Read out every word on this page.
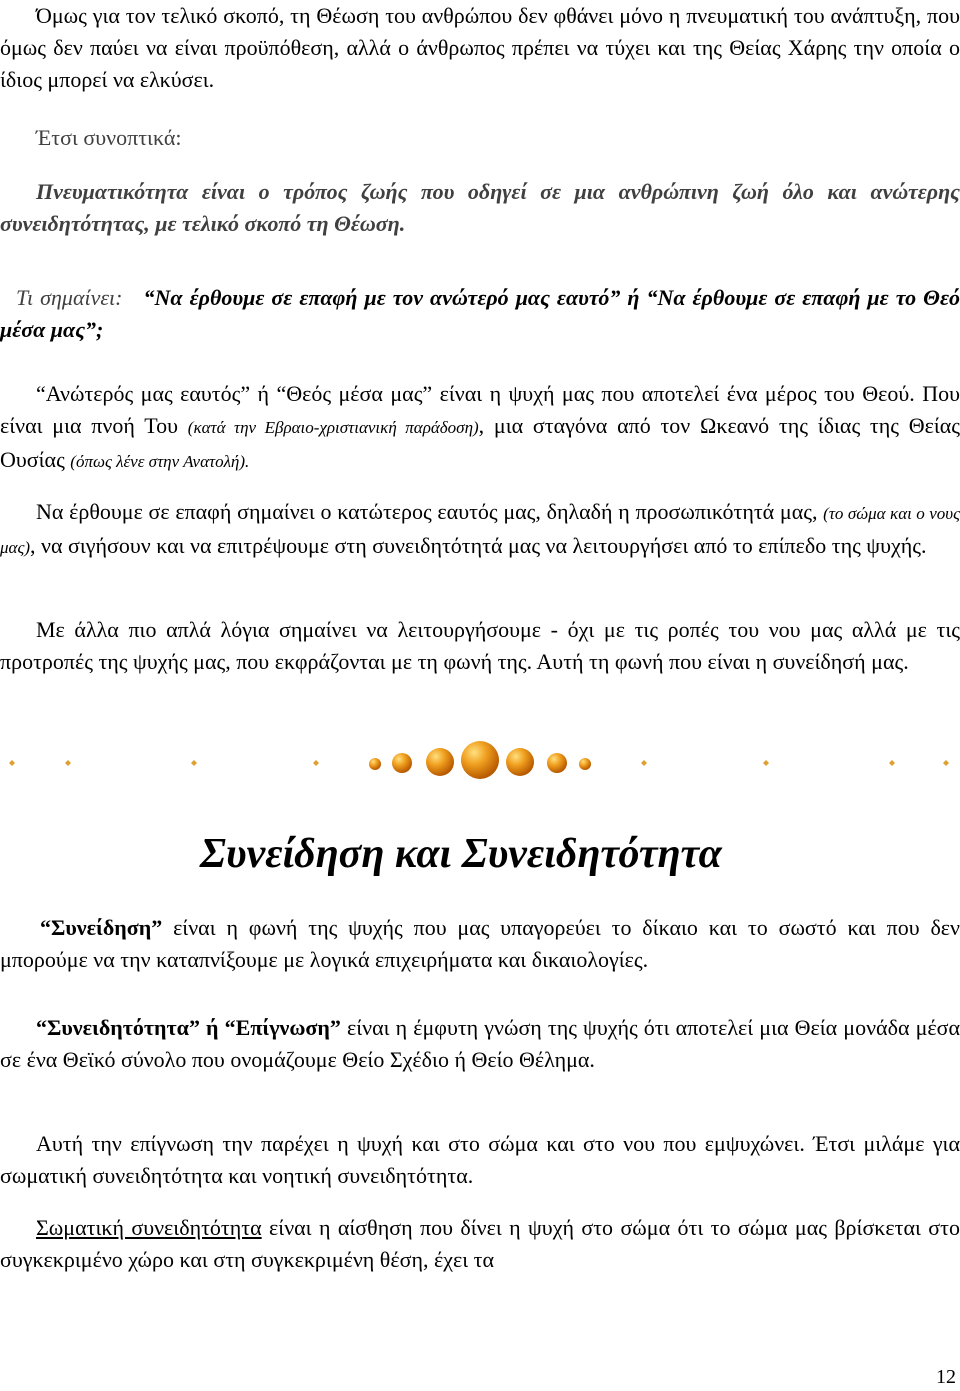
Όμως για τον τελικό σκοπό, τη Θέωση του ανθρώπου δεν φθάνει μόνο η πνευματική του ανάπτυξη, που όμως δεν παύει να είναι προϋπόθεση, αλλά ο άνθρωπος πρέπει να τύχει και της Θείας Χάρης την οποία ο ίδιος μπορεί να ελκύσει.

Έτσι συνοπτικά:

Πνευματικότητα είναι ο τρόπος ζωής που οδηγεί σε μια ανθρώπινη ζωή όλο και ανώτερης συνειδητότητας, με τελικό σκοπό τη Θέωση.

Τι σημαίνει: “Να έρθουμε σε επαφή με τον ανώτερό μας εαυτό” ή “Να έρθουμε σε επαφή με το Θεό μέσα μας”;

“Ανώτερός μας εαυτός” ή “Θεός μέσα μας” είναι η ψυχή μας που αποτελεί ένα μέρος του Θεού. Που είναι μια πνοή Του (κατά την Εβραιο-χριστιανική παράδοση), μια σταγόνα από τον Ωκεανό της ίδιας της Θείας Ουσίας (όπως λένε στην Ανατολή).

Να έρθουμε σε επαφή σημαίνει ο κατώτερος εαυτός μας, δηλαδή η προσωπικότητά μας, (το σώμα και ο νους μας), να σιγήσουν και να επιτρέψουμε στη συνειδητότητά μας να λειτουργήσει από το επίπεδο της ψυχής.

Με άλλα πιο απλά λόγια σημαίνει να λειτουργήσουμε - όχι με τις ροπές του νου μας αλλά με τις προτροπές της ψυχής μας, που εκφράζονται με τη φωνή της. Αυτή τη φωνή που είναι η συνείδησή μας.

Συνείδηση και Συνειδητότητα

“Συνείδηση” είναι η φωνή της ψυχής που μας υπαγορεύει το δίκαιο και το σωστό και που δεν μπορούμε να την καταπνίξουμε με λογικά επιχειρήματα και δικαιολογίες.

“Συνειδητότητα” ή “Επίγνωση” είναι η έμφυτη γνώση της ψυχής ότι αποτελεί μια Θεία μονάδα μέσα σε ένα Θεϊκό σύνολο που ονομάζουμε Θείο Σχέδιο ή Θείο Θέλημα.

Αυτή την επίγνωση την παρέχει η ψυχή και στο σώμα και στο νου που εμψυχώνει. Έτσι μιλάμε για σωματική συνειδητότητα και νοητική συνειδητότητα.

Σωματική συνειδητότητα είναι η αίσθηση που δίνει η ψυχή στο σώμα ότι το σώμα μας βρίσκεται στο συγκεκριμένο χώρο και στη συγκεκριμένη θέση, έχει τα

12
